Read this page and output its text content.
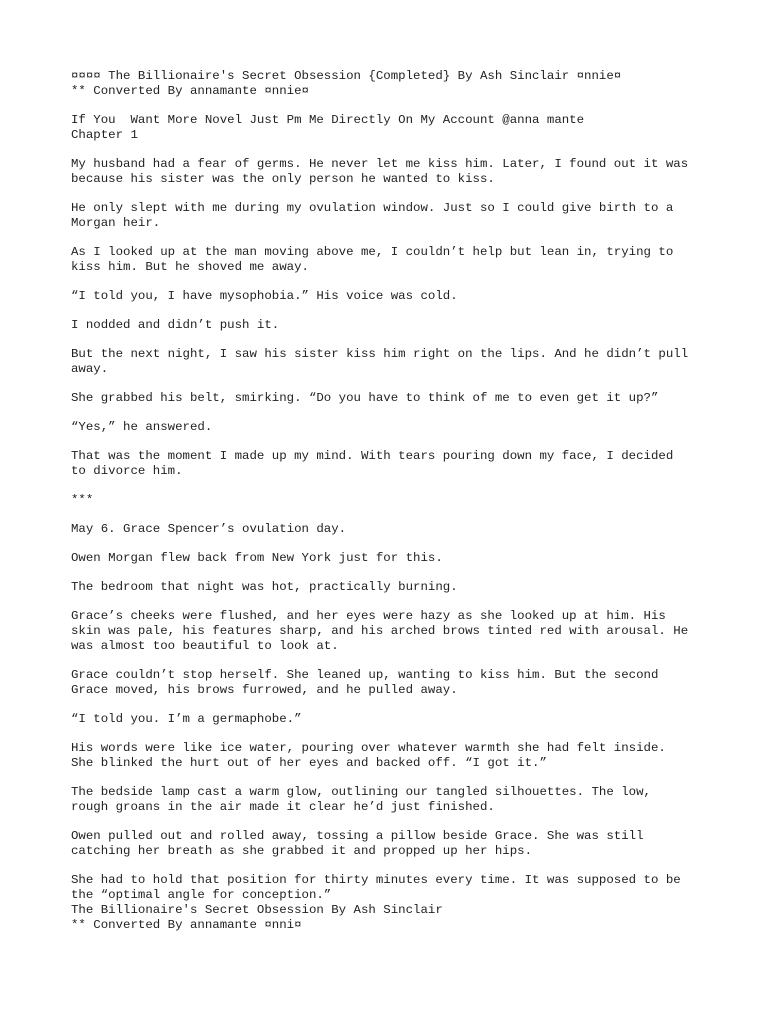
¤¤¤¤ The Billionaire's Secret Obsession {Completed} By Ash Sinclair ¤nnie¤
** Converted By annamante ¤nnie¤
If You  Want More Novel Just Pm Me Directly On My Account @anna mante
Chapter 1
My husband had a fear of germs. He never let me kiss him. Later, I found out it was
because his sister was the only person he wanted to kiss.
He only slept with me during my ovulation window. Just so I could give birth to a
Morgan heir.
As I looked up at the man moving above me, I couldn’t help but lean in, trying to
kiss him. But he shoved me away.
“I told you, I have mysophobia.” His voice was cold.
I nodded and didn’t push it.
But the next night, I saw his sister kiss him right on the lips. And he didn’t pull
away.
She grabbed his belt, smirking. “Do you have to think of me to even get it up?”
“Yes,” he answered.
That was the moment I made up my mind. With tears pouring down my face, I decided
to divorce him.
***
May 6. Grace Spencer’s ovulation day.
Owen Morgan flew back from New York just for this.
The bedroom that night was hot, practically burning.
Grace’s cheeks were flushed, and her eyes were hazy as she looked up at him. His
skin was pale, his features sharp, and his arched brows tinted red with arousal. He
was almost too beautiful to look at.
Grace couldn’t stop herself. She leaned up, wanting to kiss him. But the second
Grace moved, his brows furrowed, and he pulled away.
“I told you. I’m a germaphobe.”
His words were like ice water, pouring over whatever warmth she had felt inside.
She blinked the hurt out of her eyes and backed off. “I got it.”
The bedside lamp cast a warm glow, outlining our tangled silhouettes. The low,
rough groans in the air made it clear he’d just finished.
Owen pulled out and rolled away, tossing a pillow beside Grace. She was still
catching her breath as she grabbed it and propped up her hips.
She had to hold that position for thirty minutes every time. It was supposed to be
the “optimal angle for conception.”
The Billionaire's Secret Obsession By Ash Sinclair
** Converted By annamante ¤nni¤
